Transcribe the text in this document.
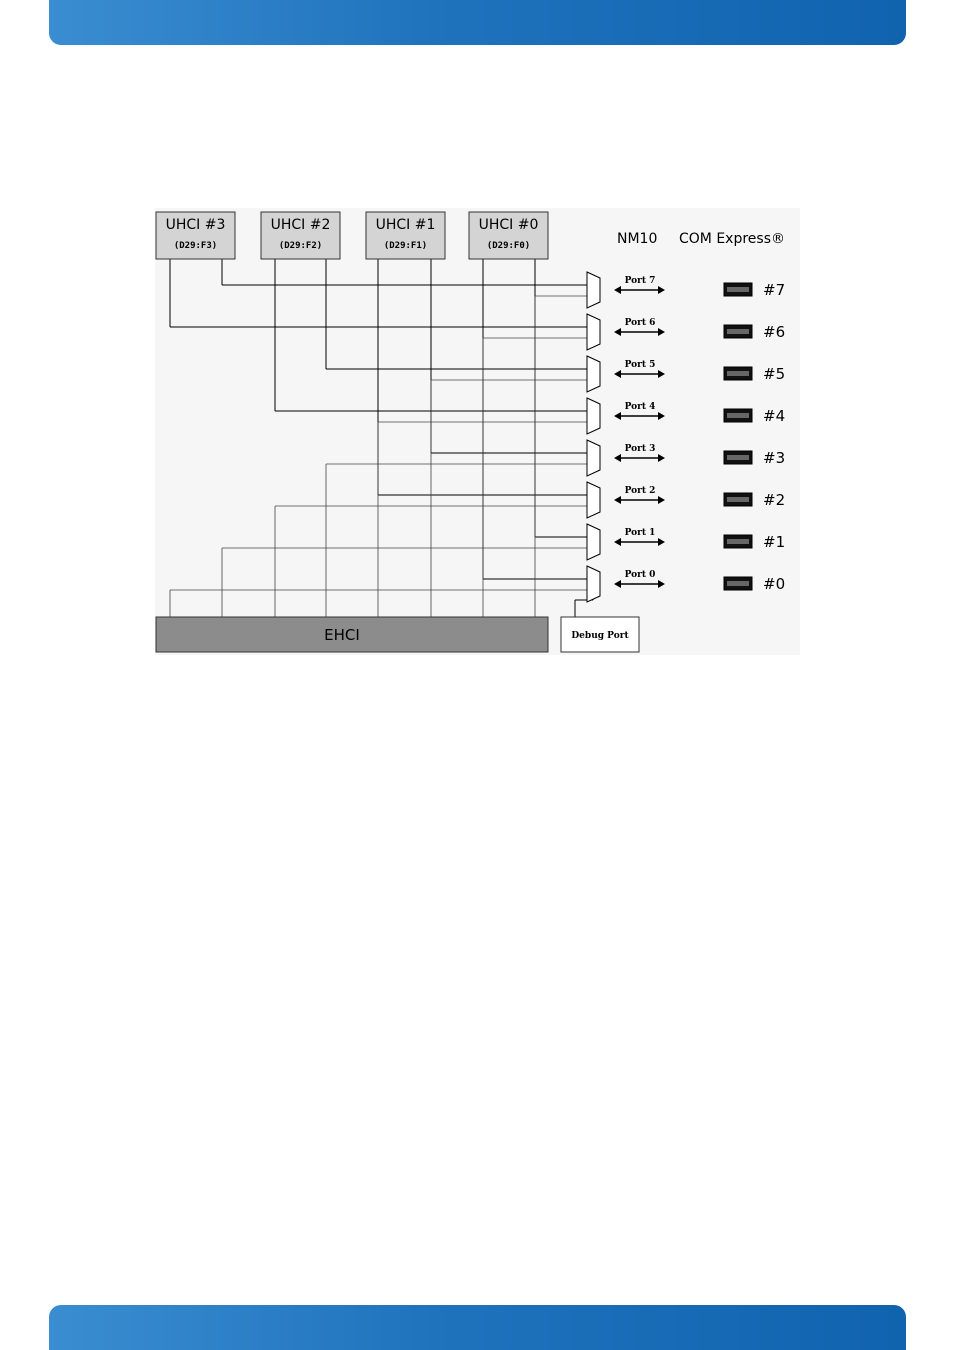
UHCI #3
(D29:F3)
UHCI #2
(D29:F2)
UHCI #1
(D29:F1)
UHCI #0
(D29:F0)
EHCI	Debug Port
Port 7	#7
Port 6	#6
Port 5	#5
Port 4	#4
Port 3	#3
Port 2	#2
Port 1	#1
Port 0	#0
NM10 COM Express®
